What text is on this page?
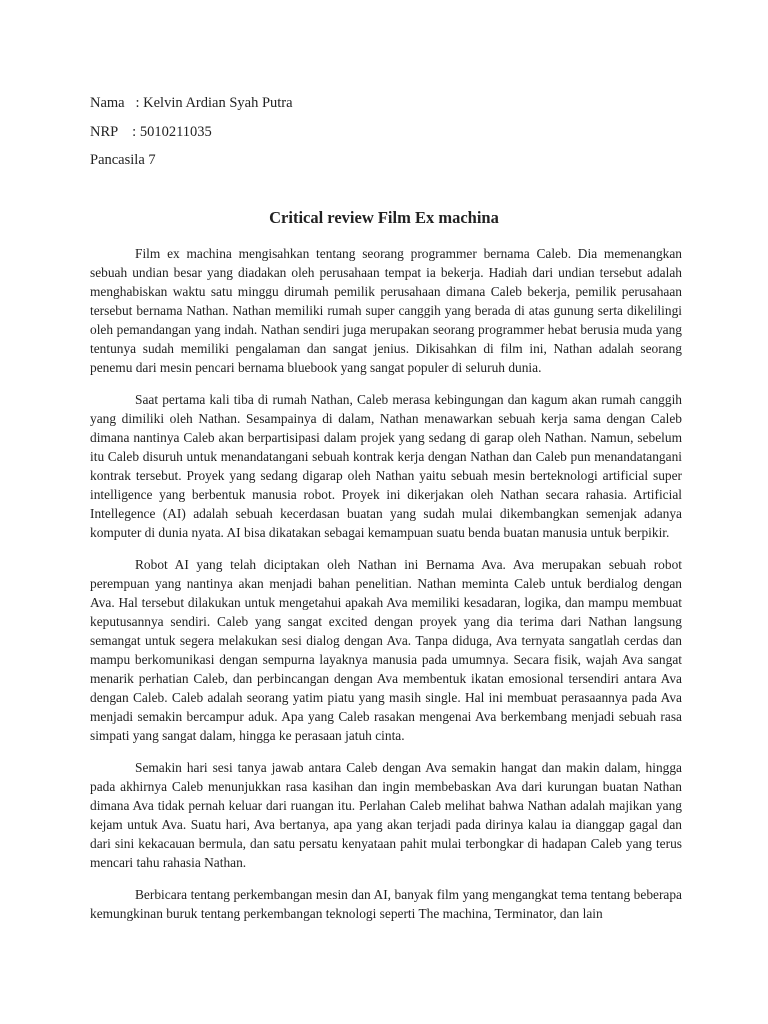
Nama   : Kelvin Ardian Syah Putra
NRP    : 5010211035
Pancasila 7
Critical review Film Ex machina

Film ex machina mengisahkan tentang seorang programmer bernama Caleb. Dia memenangkan sebuah undian besar yang diadakan oleh perusahaan tempat ia bekerja. Hadiah dari undian tersebut adalah menghabiskan waktu satu minggu dirumah pemilik perusahaan dimana Caleb bekerja, pemilik perusahaan tersebut bernama Nathan. Nathan memiliki rumah super canggih yang berada di atas gunung serta dikelilingi oleh pemandangan yang indah. Nathan sendiri juga merupakan seorang programmer hebat berusia muda yang tentunya sudah memiliki pengalaman dan sangat jenius. Dikisahkan di film ini, Nathan adalah seorang penemu dari mesin pencari bernama bluebook yang sangat populer di seluruh dunia.

Saat pertama kali tiba di rumah Nathan, Caleb merasa kebingungan dan kagum akan rumah canggih yang dimiliki oleh Nathan. Sesampainya di dalam, Nathan menawarkan sebuah kerja sama dengan Caleb dimana nantinya Caleb akan berpartisipasi dalam projek yang sedang di garap oleh Nathan. Namun, sebelum itu Caleb disuruh untuk menandatangani sebuah kontrak kerja dengan Nathan dan Caleb pun menandatangani kontrak tersebut. Proyek yang sedang digarap oleh Nathan yaitu sebuah mesin berteknologi artificial super intelligence yang berbentuk manusia robot. Proyek ini dikerjakan oleh Nathan secara rahasia. Artificial Intellegence (AI) adalah sebuah kecerdasan buatan yang sudah mulai dikembangkan semenjak adanya komputer di dunia nyata. AI bisa dikatakan sebagai kemampuan suatu benda buatan manusia untuk berpikir.

Robot AI yang telah diciptakan oleh Nathan ini Bernama Ava. Ava merupakan sebuah robot perempuan yang nantinya akan menjadi bahan penelitian. Nathan meminta Caleb untuk berdialog dengan Ava. Hal tersebut dilakukan untuk mengetahui apakah Ava memiliki kesadaran, logika, dan mampu membuat keputusannya sendiri. Caleb yang sangat excited dengan proyek yang dia terima dari Nathan langsung semangat untuk segera melakukan sesi dialog dengan Ava. Tanpa diduga, Ava ternyata sangatlah cerdas dan mampu berkomunikasi dengan sempurna layaknya manusia pada umumnya. Secara fisik, wajah Ava sangat menarik perhatian Caleb, dan perbincangan dengan Ava membentuk ikatan emosional tersendiri antara Ava dengan Caleb. Caleb adalah seorang yatim piatu yang masih single. Hal ini membuat perasaannya pada Ava menjadi semakin bercampur aduk. Apa yang Caleb rasakan mengenai Ava berkembang menjadi sebuah rasa simpati yang sangat dalam, hingga ke perasaan jatuh cinta.

Semakin hari sesi tanya jawab antara Caleb dengan Ava semakin hangat dan makin dalam, hingga pada akhirnya Caleb menunjukkan rasa kasihan dan ingin membebaskan Ava dari kurungan buatan Nathan dimana Ava tidak pernah keluar dari ruangan itu. Perlahan Caleb melihat bahwa Nathan adalah majikan yang kejam untuk Ava. Suatu hari, Ava bertanya, apa yang akan terjadi pada dirinya kalau ia dianggap gagal dan dari sini kekacauan bermula, dan satu persatu kenyataan pahit mulai terbongkar di hadapan Caleb yang terus mencari tahu rahasia Nathan.

Berbicara tentang perkembangan mesin dan AI, banyak film yang mengangkat tema tentang beberapa kemungkinan buruk tentang perkembangan teknologi seperti The machina, Terminator, dan lain
